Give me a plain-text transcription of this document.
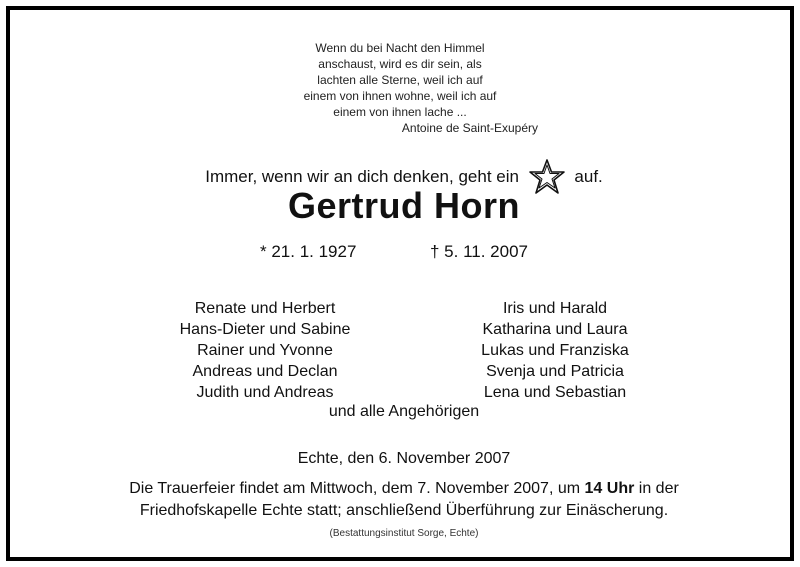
Wenn du bei Nacht den Himmel
anschaust, wird es dir sein, als
lachten alle Sterne, weil ich auf
einem von ihnen wohne, weil ich auf
einem von ihnen lache ...
Antoine de Saint-Exupéry
Immer, wenn wir an dich denken, geht ein	auf.
Gertrud Horn
* 21. 1. 1927	† 5. 11. 2007
Renate und Herbert
Hans-Dieter und Sabine
Rainer und Yvonne
Andreas und Declan
Judith und Andreas
Iris und Harald
Katharina und Laura
Lukas und Franziska
Svenja und Patricia
Lena und Sebastian
und alle Angehörigen
Echte, den 6. November 2007
Die Trauerfeier findet am Mittwoch, dem 7. November 2007, um 14 Uhr in der Friedhofskapelle Echte statt; anschließend Überführung zur Einäscherung.
(Bestattungsinstitut Sorge, Echte)
